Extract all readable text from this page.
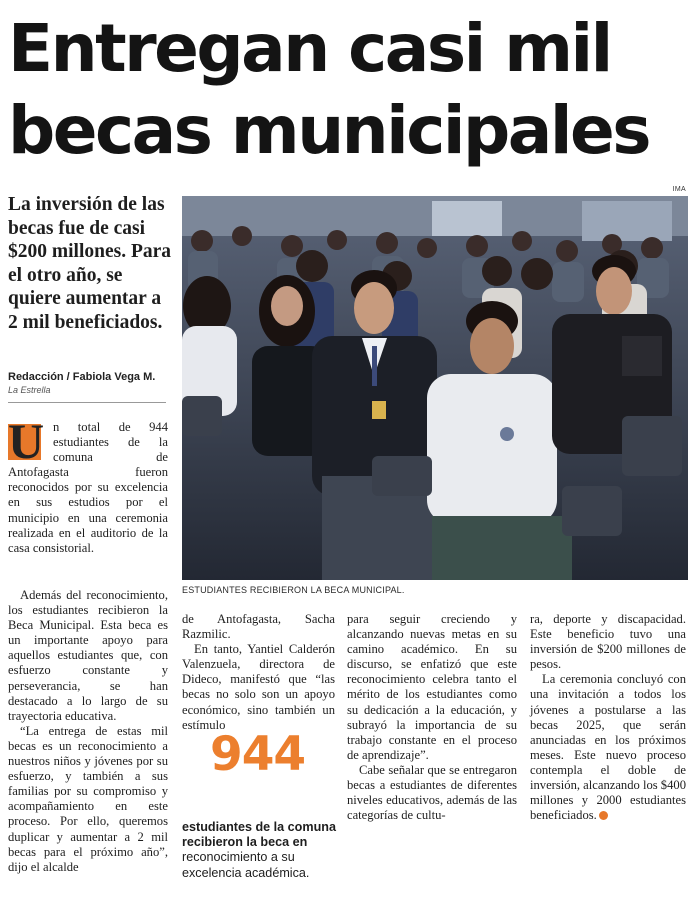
Entregan casi mil becas municipales
La inversión de las becas fue de casi $200 millones. Para el otro año, se quiere aumentar a 2 mil beneficiados.
Redacción / Fabiola Vega M.
La Estrella
IMA
ESTUDIANTES RECIBIERON LA BECA MUNICIPAL.

U n total de 944 estudiantes de la comuna de Antofagasta fueron reconocidos por su excelencia en sus estudios por el municipio en una ceremonia realizada en el auditorio de la casa consistorial.

Además del reconocimiento, los estudiantes recibieron la Beca Municipal. Esta beca es un importante apoyo para aquellos estudiantes que, con esfuerzo constante y perseverancia, se han destacado a lo largo de su trayectoria educativa.

“La entrega de estas mil becas es un reconocimiento a nuestros niños y jóvenes por su esfuerzo, y también a sus familias por su compromiso y acompañamiento en este proceso. Por ello, queremos duplicar y aumentar a 2 mil becas para el próximo año”, dijo el alcalde

de Antofagasta, Sacha Razmilic.

En tanto, Yantiel Calderón Valenzuela, directora de Dideco, manifestó que “las becas no solo son un apoyo económico, sino también un estímulo

944
estudiantes de la comuna recibieron la beca en reconocimiento a su excelencia académica.

para seguir creciendo y alcanzando nuevas metas en su camino académico. En su discurso, se enfatizó que este reconocimiento celebra tanto el mérito de los estudiantes como su dedicación a la educación, y subrayó la importancia de su trabajo constante en el proceso de aprendizaje”.

Cabe señalar que se entregaron becas a estudiantes de diferentes niveles educativos, además de las categorías de cultu-

ra, deporte y discapacidad. Este beneficio tuvo una inversión de $200 millones de pesos.

La ceremonia concluyó con una invitación a todos los jóvenes a postularse a las becas 2025, que serán anunciadas en los próximos meses. Este nuevo proceso contempla el doble de inversión, alcanzando los $400 millones y 2000 estudiantes beneficiados.
